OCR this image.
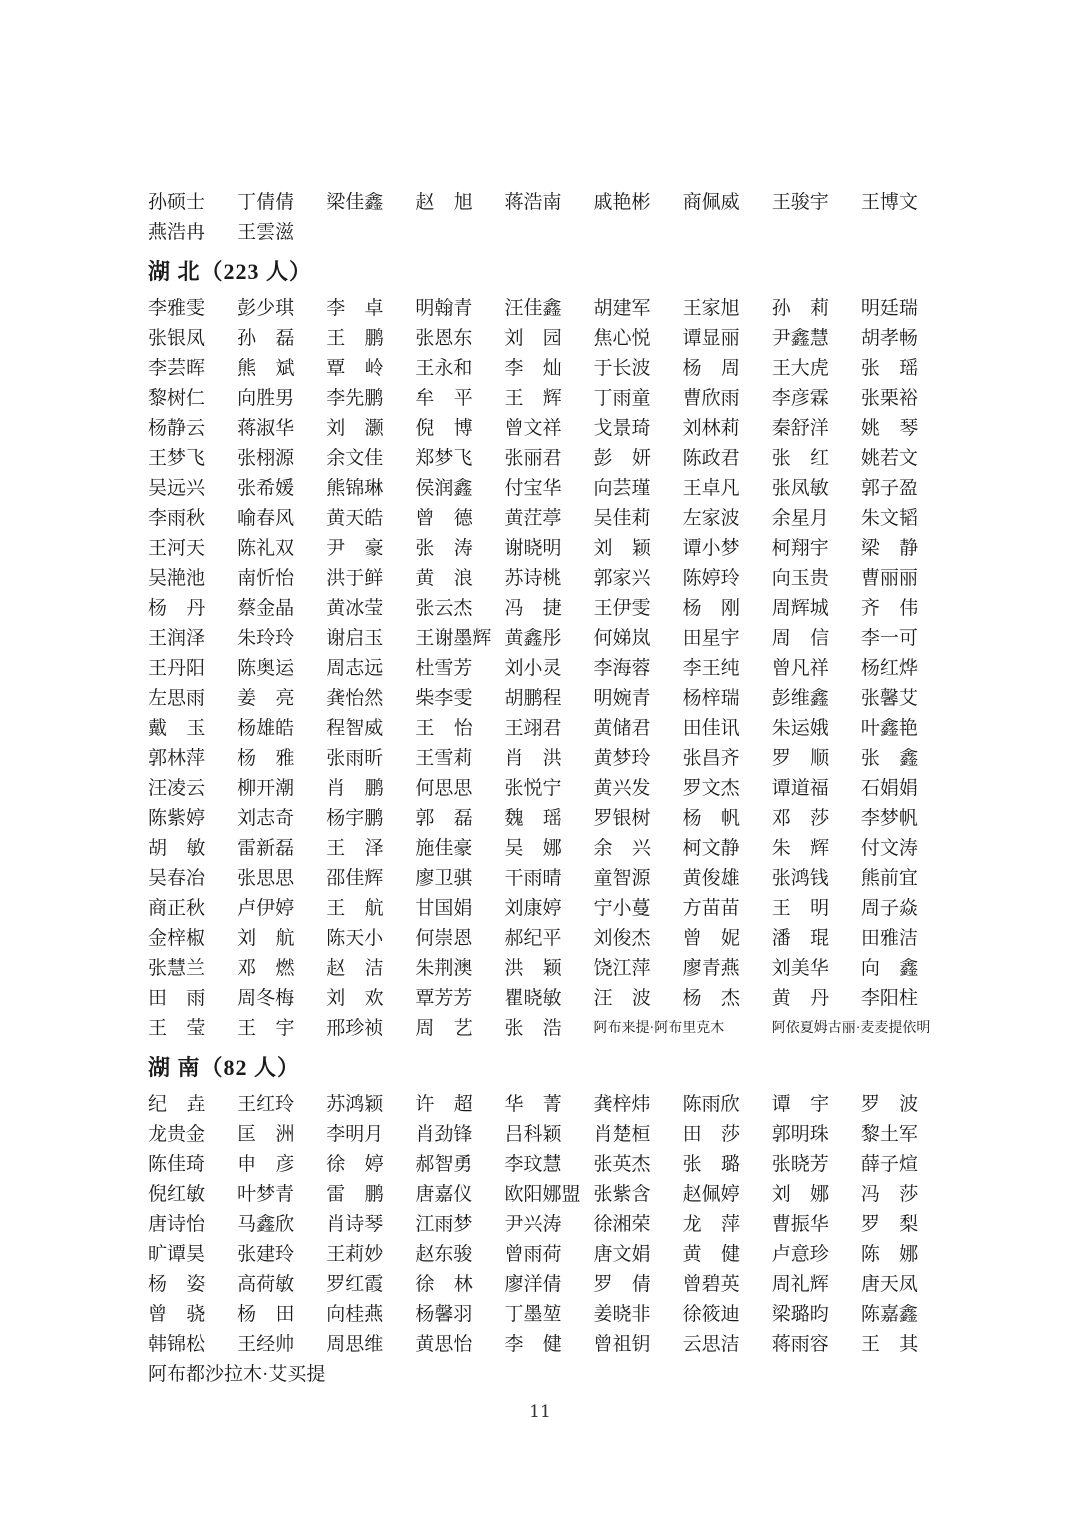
孙硕士	丁倩倩	梁佳鑫	赵旭	蒋浩南	戚艳彬	商佩威	王骏宇	王博文
燕浩冉	王雲滋
湖 北（223 人）
李雅雯	彭少琪	李卓	明翰青	汪佳鑫	胡建军	王家旭	孙莉	明廷瑞
张银凤	孙磊	王鹏	张恩东	刘园	焦心悦	谭显丽	尹鑫慧	胡孝畅
李芸晖	熊斌	覃岭	王永和	李灿	于长波	杨周	王大虎	张瑶
黎树仁	向胜男	李先鹏	牟平	王辉	丁雨童	曹欣雨	李彦霖	张栗裕
杨静云	蒋淑华	刘灏	倪博	曾文祥	戈景琦	刘林莉	秦舒洋	姚琴
王梦飞	张栩源	余文佳	郑梦飞	张丽君	彭妍	陈政君	张红	姚若文
吴远兴	张希媛	熊锦琳	侯润鑫	付宝华	向芸瑾	王卓凡	张凤敏	郭子盈
李雨秋	喻春风	黄天皓	曾德	黄茳葶	吴佳莉	左家波	余星月	朱文韬
王河天	陈礼双	尹豪	张涛	谢晓明	刘颖	谭小梦	柯翔宇	梁静
吴滟池	南忻怡	洪于鲜	黄浪	苏诗桃	郭家兴	陈婷玲	向玉贵	曹丽丽
杨丹	蔡金晶	黄冰莹	张云杰	冯捷	王伊雯	杨刚	周辉城	齐伟
王润泽	朱玲玲	谢启玉	王谢墨辉 黄鑫彤	何娣岚	田星宇	周信	李一可
王丹阳	陈奥运	周志远	杜雪芳	刘小灵	李海蓉	李王纯	曾凡祥	杨红烨
左思雨	姜亮	龚怡然	柴李雯	胡鹏程	明婉青	杨梓瑞	彭维鑫	张馨艾
戴玉	杨雄皓	程智威	王怡	王翊君	黄储君	田佳讯	朱运娥	叶鑫艳
郭林萍	杨雅	张雨昕	王雪莉	肖洪	黄梦玲	张昌齐	罗顺	张鑫
汪凌云	柳开潮	肖鹏	何思思	张悦宁	黄兴发	罗文杰	谭道福	石娟娟
陈紫婷	刘志奇	杨宇鹏	郭磊	魏瑶	罗银树	杨帆	邓莎	李梦帆
胡敏	雷新磊	王泽	施佳豪	吴娜	余兴	柯文静	朱辉	付文涛
吴春冶	张思思	邵佳辉	廖卫骐	干雨晴	童智源	黄俊雄	张鸿钱	熊前宜
商正秋	卢伊婷	王航	甘国娟	刘康婷	宁小蔓	方苗苗	王明	周子焱
金梓椒	刘航	陈天小	何崇恩	郝纪平	刘俊杰	曾妮	潘琨	田雅洁
张慧兰	邓燃	赵洁	朱荆澳	洪颖	饶江萍	廖青燕	刘美华	向鑫
田雨	周冬梅	刘欢	覃芳芳	瞿晓敏	汪波	杨杰	黄丹	李阳柱
王莹	王宇	邢珍祯	周艺	张浩	阿布来提·阿布里克木	阿依夏姆古丽·麦麦提依明
湖 南（82 人）
纪垚	王红玲	苏鸿颖	许超	华菁	龚梓炜	陈雨欣	谭宇	罗波
龙贵金	匡洲	李明月	肖劲锋	吕科颖	肖楚桓	田莎	郭明珠	黎土军
陈佳琦	申彦	徐婷	郝智勇	李玟慧	张英杰	张璐	张晓芳	薛子煊
倪红敏	叶梦青	雷鹏	唐嘉仪	欧阳娜盟 张紫含	赵佩婷	刘娜	冯莎
唐诗怡	马鑫欣	肖诗琴	江雨梦	尹兴涛	徐湘荣	龙萍	曹振华	罗梨
旷谭昊	张建玲	王莉妙	赵东骏	曾雨荷	唐文娟	黄健	卢意珍	陈娜
杨姿	高荷敏	罗红霞	徐林	廖洋倩	罗倩	曾碧英	周礼辉	唐天凤
曾骁	杨田	向桂燕	杨馨羽	丁墨堃	姜晓非	徐筱迪	梁璐昀	陈嘉鑫
韩锦松	王经帅	周思维	黄思怡	李健	曾祖钥	云思洁	蒋雨容	王其
阿布都沙拉木·艾买提
11
